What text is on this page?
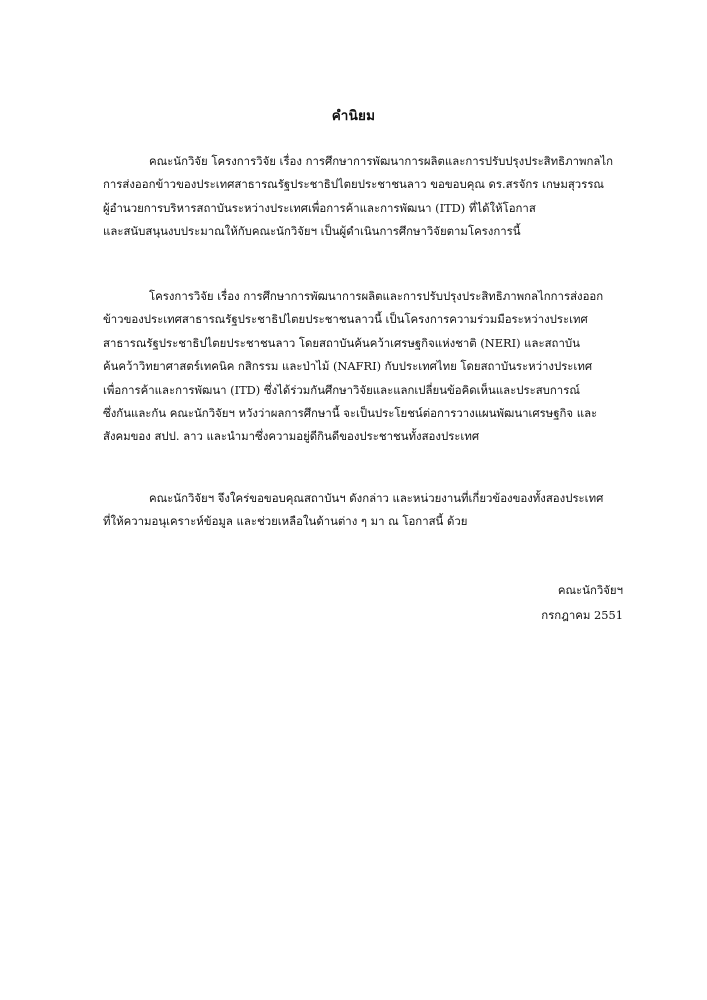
คำนิยม
คณะนักวิจัย โครงการวิจัย เรื่อง การศึกษาการพัฒนาการผลิตและการปรับปรุงประสิทธิภาพกลไก
การส่งออกข้าวของประเทศสาธารณรัฐประชาธิปไตยประชาชนลาว ขอขอบคุณ ดร.สรจักร เกษมสุวรรณ
ผู้อำนวยการบริหารสถาบันระหว่างประเทศเพื่อการค้าและการพัฒนา (ITD) ที่ได้ให้โอกาส
และสนับสนุนงบประมาณให้กับคณะนักวิจัยฯ เป็นผู้ดำเนินการศึกษาวิจัยตามโครงการนี้
โครงการวิจัย เรื่อง การศึกษาการพัฒนาการผลิตและการปรับปรุงประสิทธิภาพกลไกการส่งออก
ข้าวของประเทศสาธารณรัฐประชาธิปไตยประชาชนลาวนี้ เป็นโครงการความร่วมมือระหว่างประเทศ
สาธารณรัฐประชาธิปไตยประชาชนลาว โดยสถาบันค้นคว้าเศรษฐกิจแห่งชาติ (NERI) และสถาบัน
ค้นคว้าวิทยาศาสตร์เทคนิค กสิกรรม และป่าไม้ (NAFRI) กับประเทศไทย โดยสถาบันระหว่างประเทศ
เพื่อการค้าและการพัฒนา (ITD) ซึ่งได้ร่วมกันศึกษาวิจัยและแลกเปลี่ยนข้อคิดเห็นและประสบการณ์
ซึ่งกันและกัน คณะนักวิจัยฯ หวังว่าผลการศึกษานี้ จะเป็นประโยชน์ต่อการวางแผนพัฒนาเศรษฐกิจ และ
สังคมของ สปป. ลาว และนำมาซึ่งความอยู่ดีกินดีของประชาชนทั้งสองประเทศ
คณะนักวิจัยฯ จึงใคร่ขอขอบคุณสถาบันฯ ดังกล่าว และหน่วยงานที่เกี่ยวข้องของทั้งสองประเทศ
ที่ให้ความอนุเคราะห์ข้อมูล และช่วยเหลือในด้านต่าง ๆ มา ณ โอกาสนี้ ด้วย
คณะนักวิจัยฯ
กรกฎาคม 2551
